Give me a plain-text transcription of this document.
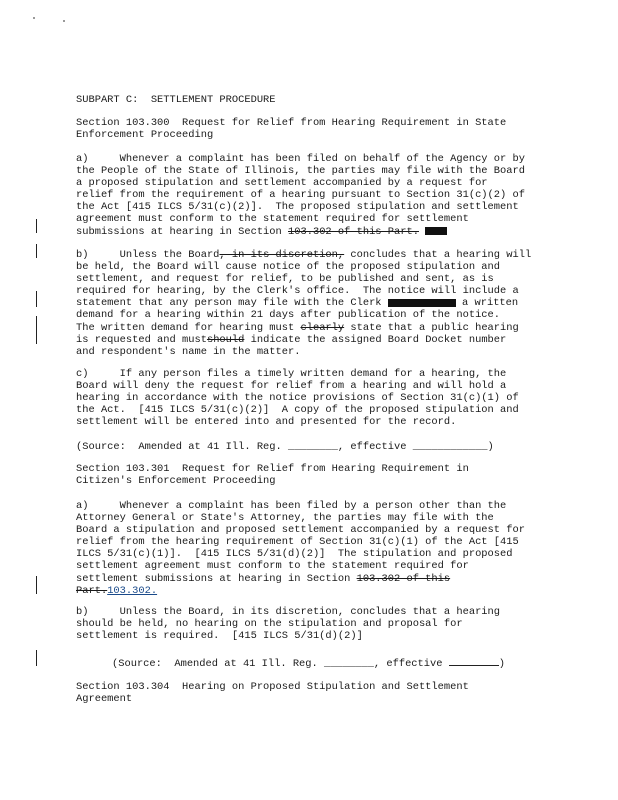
SUBPART C:  SETTLEMENT PROCEDURE
Section 103.300  Request for Relief from Hearing Requirement in State
Enforcement Proceeding
a)     Whenever a complaint has been filed on behalf of the Agency or by
the People of the State of Illinois, the parties may file with the Board
a proposed stipulation and settlement accompanied by a request for
relief from the requirement of a hearing pursuant to Section 31(c)(2) of
the Act [415 ILCS 5/31(c)(2)].  The proposed stipulation and settlement
agreement must conform to the statement required for settlement
submissions at hearing in Section 103.302 of this Part.
b)     Unless the Board, in its discretion, concludes that a hearing will
be held, the Board will cause notice of the proposed stipulation and
settlement, and request for relief, to be published and sent, as is
required for hearing, by the Clerk's office.  The notice will include a
statement that any person may file with the Clerk	a written
demand for a hearing within 21 days after publication of the notice.
The written demand for hearing must clearly state that a public hearing
is requested and mustshould indicate the assigned Board Docket number
and respondent's name in the matter.
c)     If any person files a timely written demand for a hearing, the
Board will deny the request for relief from a hearing and will hold a
hearing in accordance with the notice provisions of Section 31(c)(1) of
the Act.  [415 ILCS 5/31(c)(2)]  A copy of the proposed stipulation and
settlement will be entered into and presented for the record.
(Source:  Amended at 41 Ill. Reg. ________, effective ____________)
Section 103.301  Request for Relief from Hearing Requirement in
Citizen's Enforcement Proceeding
a)     Whenever a complaint has been filed by a person other than the
Attorney General or State's Attorney, the parties may file with the
Board a stipulation and proposed settlement accompanied by a request for
relief from the hearing requirement of Section 31(c)(1) of the Act [415
ILCS 5/31(c)(1)].  [415 ILCS 5/31(d)(2)]  The stipulation and proposed
settlement agreement must conform to the statement required for
settlement submissions at hearing in Section 103.302 of this
Part.103.302.
b)     Unless the Board, in its discretion, concludes that a hearing
should be held, no hearing on the stipulation and proposal for
settlement is required.  [415 ILCS 5/31(d)(2)]
(Source:  Amended at 41 Ill. Reg. ________, effective	)
Section 103.304  Hearing on Proposed Stipulation and Settlement
Agreement
